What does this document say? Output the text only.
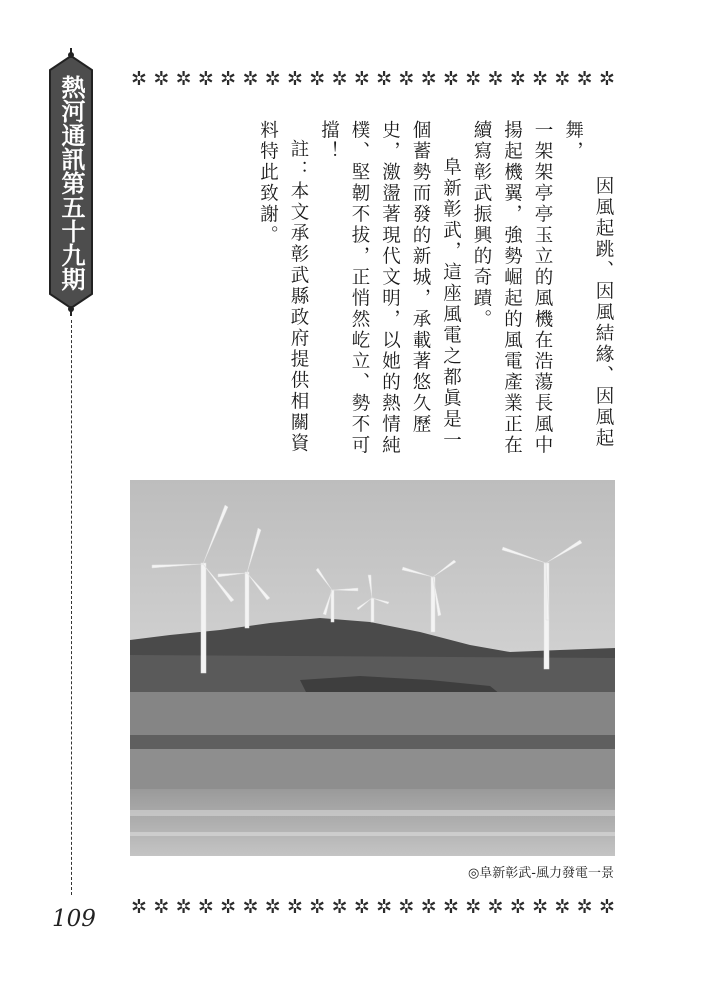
✲ ✲ ✲ ✲ ✲ ✲ ✲ ✲ ✲ ✲ ✲ ✲ ✲ ✲ ✲ ✲ ✲ ✲ ✲ ✲ ✲ ✲
熱河通訊第五十九期	因風起跳、因風結緣、因風起舞，

一架架亭亭玉立的風機在浩蕩長風中揚起機翼，強勢崛起的風電產業正在續寫彰武振興的奇蹟。

阜新彰武，這座風電之都眞是一個蓄勢而發的新城，承載著悠久歷史，激盪著現代文明，以她的熱情純樸、堅韌不拔，正悄然屹立、勢不可擋！

註：本文承彰武縣政府提供相關資料特此致謝。

◎阜新彰武-風力發電一景
✲ ✲ ✲ ✲ ✲ ✲ ✲ ✲ ✲ ✲ ✲ ✲ ✲ ✲ ✲ ✲ ✲ ✲ ✲ ✲ ✲ ✲
109
